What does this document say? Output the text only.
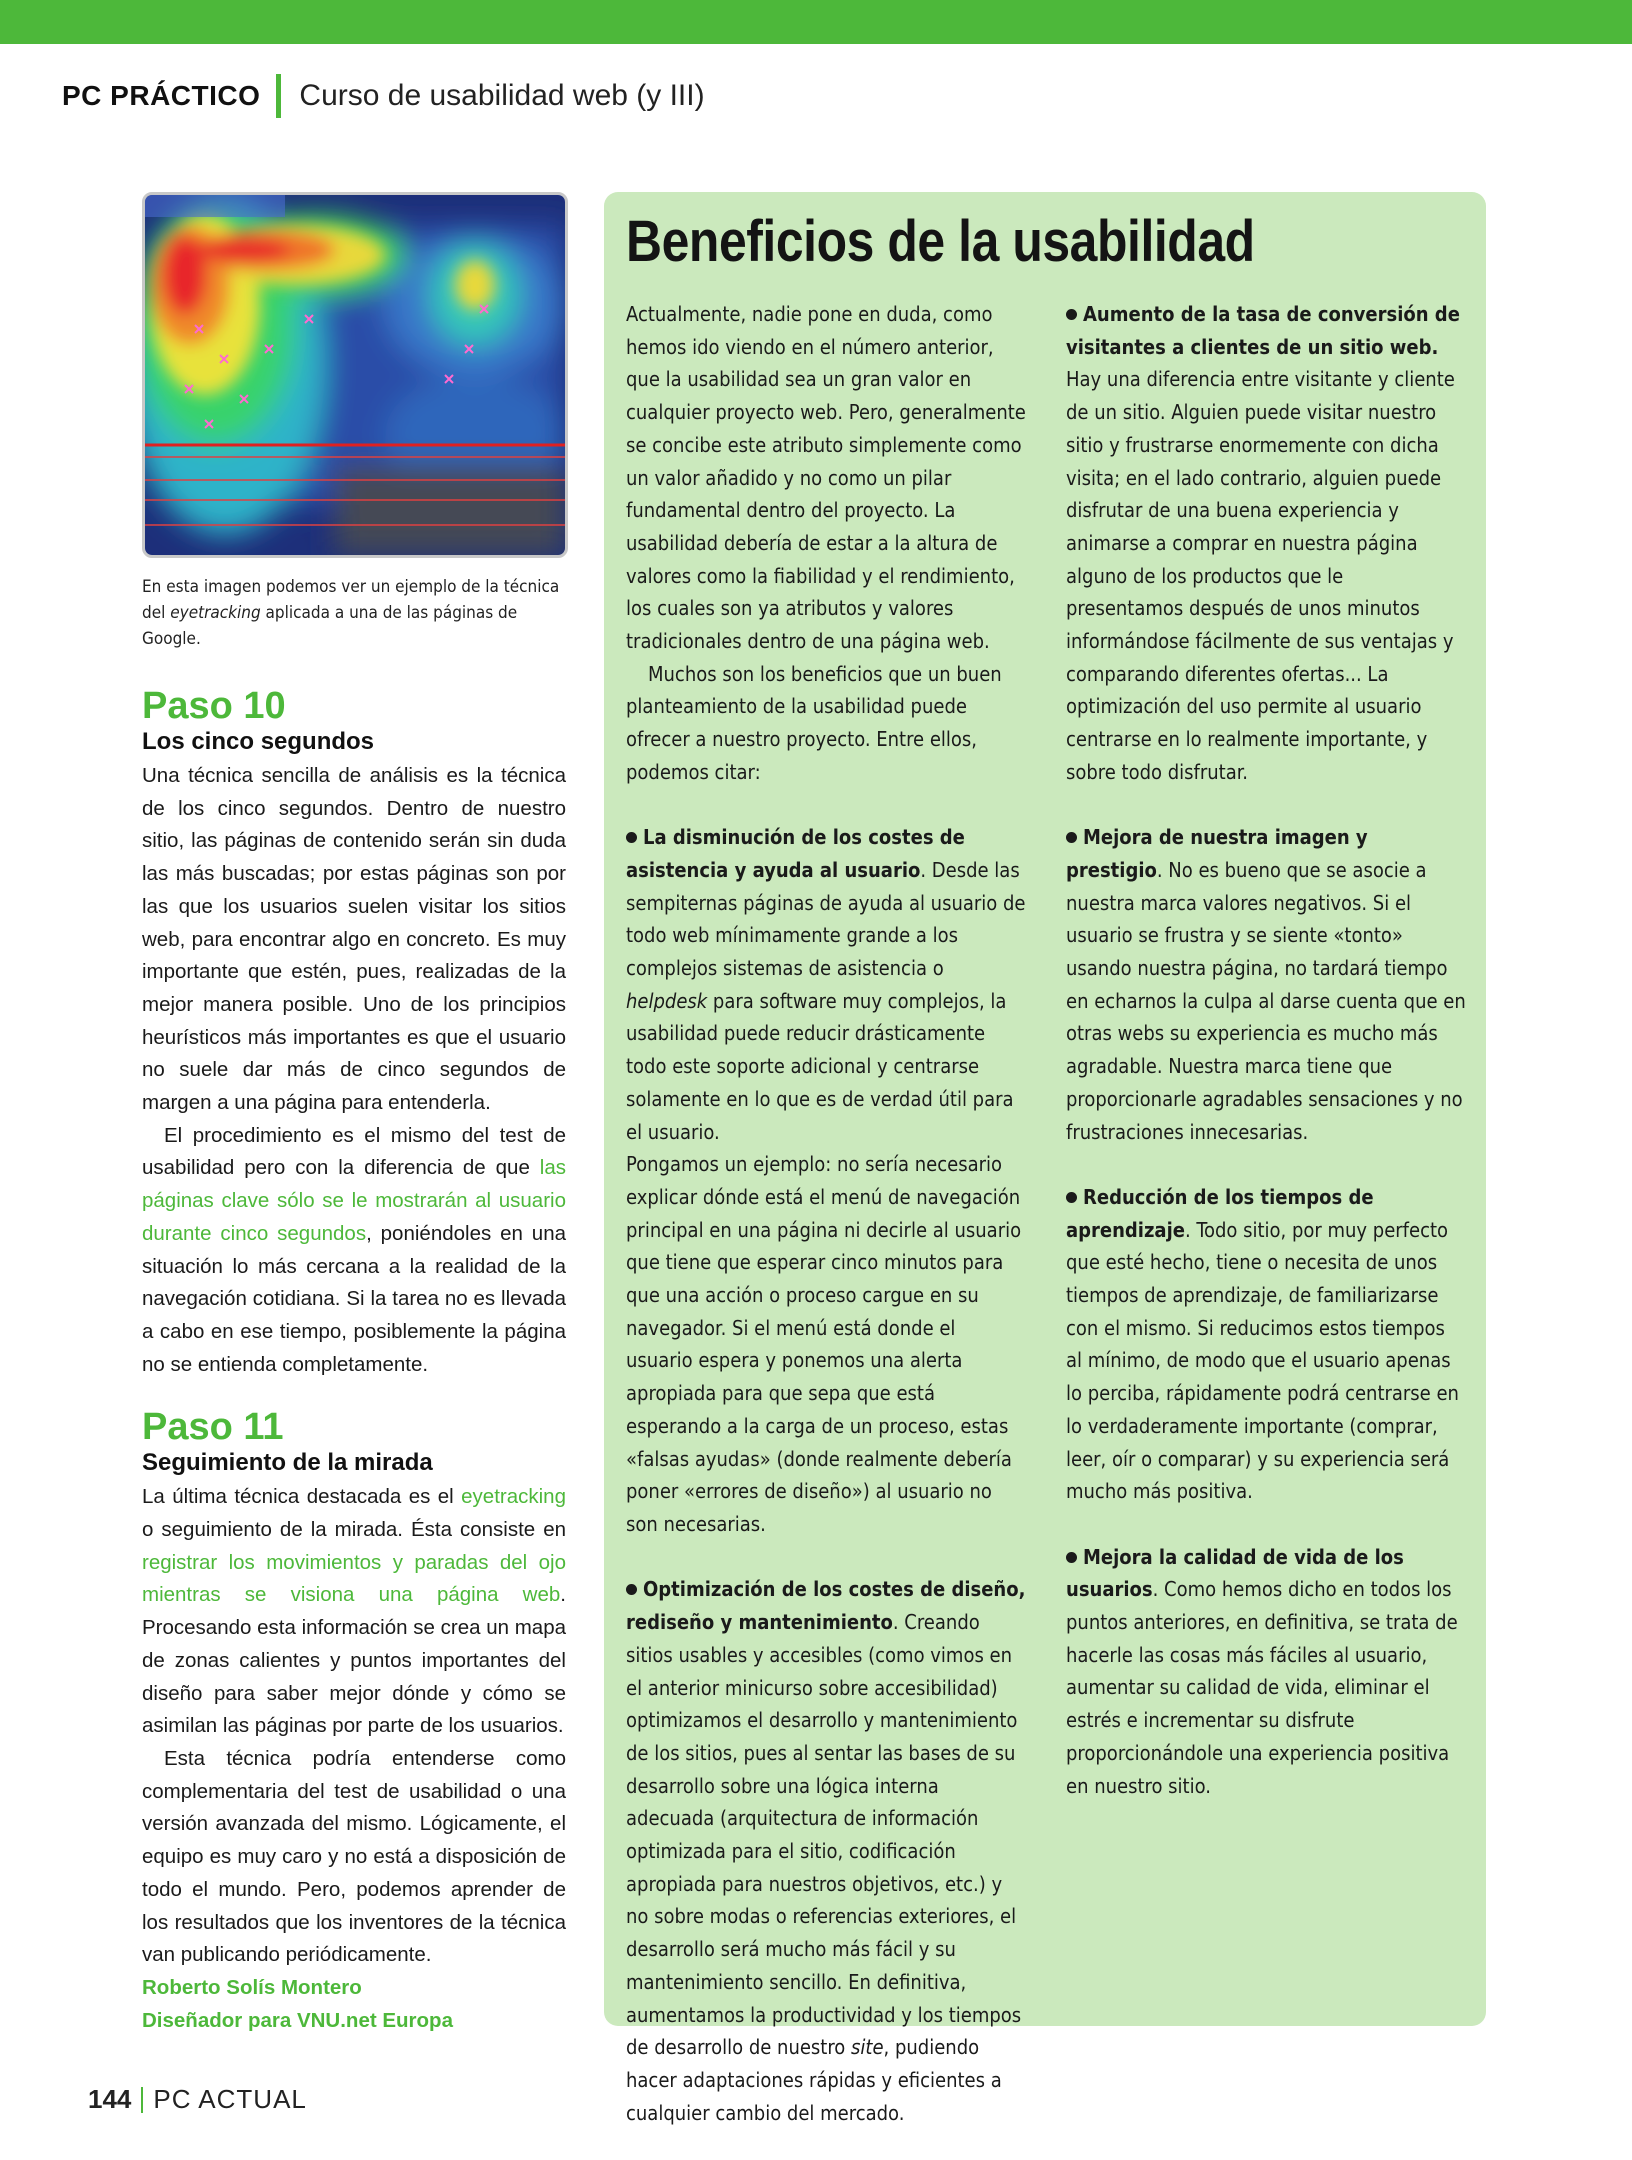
PC PRÁCTICO Curso de usabilidad web (y III)
En esta imagen podemos ver un ejemplo de la técnica del eyetracking aplicada a una de las páginas de Google.
Paso 10
Los cinco segundos

Una técnica sencilla de análisis es la técnica de los cinco segundos. Dentro de nuestro sitio, las páginas de contenido serán sin duda las más buscadas; por estas páginas son por las que los usuarios suelen visitar los sitios web, para encontrar algo en concreto. Es muy importante que estén, pues, realizadas de la mejor manera posible. Uno de los principios heurísticos más importantes es que el usuario no suele dar más de cinco segundos de margen a una página para entenderla.

El procedimiento es el mismo del test de usabilidad pero con la diferencia de que las páginas clave sólo se le mostrarán al usuario durante cinco segundos, poniéndoles en una situación lo más cercana a la realidad de la navegación cotidiana. Si la tarea no es llevada a cabo en ese tiempo, posiblemente la página no se entienda completamente.

Paso 11
Seguimiento de la mirada

La última técnica destacada es el eyetracking o seguimiento de la mirada. Ésta consiste en registrar los movimientos y paradas del ojo mientras se visiona una página web. Procesando esta información se crea un mapa de zonas calientes y puntos importantes del diseño para saber mejor dónde y cómo se asimilan las páginas por parte de los usuarios.

Esta técnica podría entenderse como complementaria del test de usabilidad o una versión avanzada del mismo. Lógicamente, el equipo es muy caro y no está a disposición de todo el mundo. Pero, podemos aprender de los resultados que los inventores de la técnica van publicando periódicamente.

Roberto Solís Montero
Diseñador para VNU.net Europa
Beneficios de la usabilidad

Actualmente, nadie pone en duda, como hemos ido viendo en el número anterior, que la usabilidad sea un gran valor en cualquier proyecto web. Pero, generalmente se concibe este atributo simplemente como un valor añadido y no como un pilar fundamental dentro del proyecto. La usabilidad debería de estar a la altura de valores como la fiabilidad y el rendimiento, los cuales son ya atributos y valores tradicionales dentro de una página web.

Muchos son los beneficios que un buen planteamiento de la usabilidad puede ofrecer a nuestro proyecto. Entre ellos, podemos citar:

La disminución de los costes de asistencia y ayuda al usuario. Desde las sempiternas páginas de ayuda al usuario de todo web mínimamente grande a los complejos sistemas de asistencia o helpdesk para software muy complejos, la usabilidad puede reducir drásticamente todo este soporte adicional y centrarse solamente en lo que es de verdad útil para el usuario.

Pongamos un ejemplo: no sería necesario explicar dónde está el menú de navegación principal en una página ni decirle al usuario que tiene que esperar cinco minutos para que una acción o proceso cargue en su navegador. Si el menú está donde el usuario espera y ponemos una alerta apropiada para que sepa que está esperando a la carga de un proceso, estas «falsas ayudas» (donde realmente debería poner «errores de diseño») al usuario no son necesarias.

Optimización de los costes de diseño, rediseño y mantenimiento. Creando sitios usables y accesibles (como vimos en el anterior minicurso sobre accesibilidad) optimizamos el desarrollo y mantenimiento de los sitios, pues al sentar las bases de su desarrollo sobre una lógica interna adecuada (arquitectura de información optimizada para el sitio, codificación apropiada para nuestros objetivos, etc.) y no sobre modas o referencias exteriores, el desarrollo será mucho más fácil y su mantenimiento sencillo. En definitiva, aumentamos la productividad y los tiempos de desarrollo de nuestro site, pudiendo hacer adaptaciones rápidas y eficientes a cualquier cambio del mercado.

Aumento de la tasa de conversión de visitantes a clientes de un sitio web. Hay una diferencia entre visitante y cliente de un sitio. Alguien puede visitar nuestro sitio y frustrarse enormemente con dicha visita; en el lado contrario, alguien puede disfrutar de una buena experiencia y animarse a comprar en nuestra página alguno de los productos que le presentamos después de unos minutos informándose fácilmente de sus ventajas y comparando diferentes ofertas... La optimización del uso permite al usuario centrarse en lo realmente importante, y sobre todo disfrutar.

Mejora de nuestra imagen y prestigio. No es bueno que se asocie a nuestra marca valores negativos. Si el usuario se frustra y se siente «tonto» usando nuestra página, no tardará tiempo en echarnos la culpa al darse cuenta que en otras webs su experiencia es mucho más agradable. Nuestra marca tiene que proporcionarle agradables sensaciones y no frustraciones innecesarias.

Reducción de los tiempos de aprendizaje. Todo sitio, por muy perfecto que esté hecho, tiene o necesita de unos tiempos de aprendizaje, de familiarizarse con el mismo. Si reducimos estos tiempos al mínimo, de modo que el usuario apenas lo perciba, rápidamente podrá centrarse en lo verdaderamente importante (comprar, leer, oír o comparar) y su experiencia será mucho más positiva.

Mejora la calidad de vida de los usuarios. Como hemos dicho en todos los puntos anteriores, en definitiva, se trata de hacerle las cosas más fáciles al usuario, aumentar su calidad de vida, eliminar el estrés e incrementar su disfrute proporcionándole una experiencia positiva en nuestro sitio.

144 PC ACTUAL
